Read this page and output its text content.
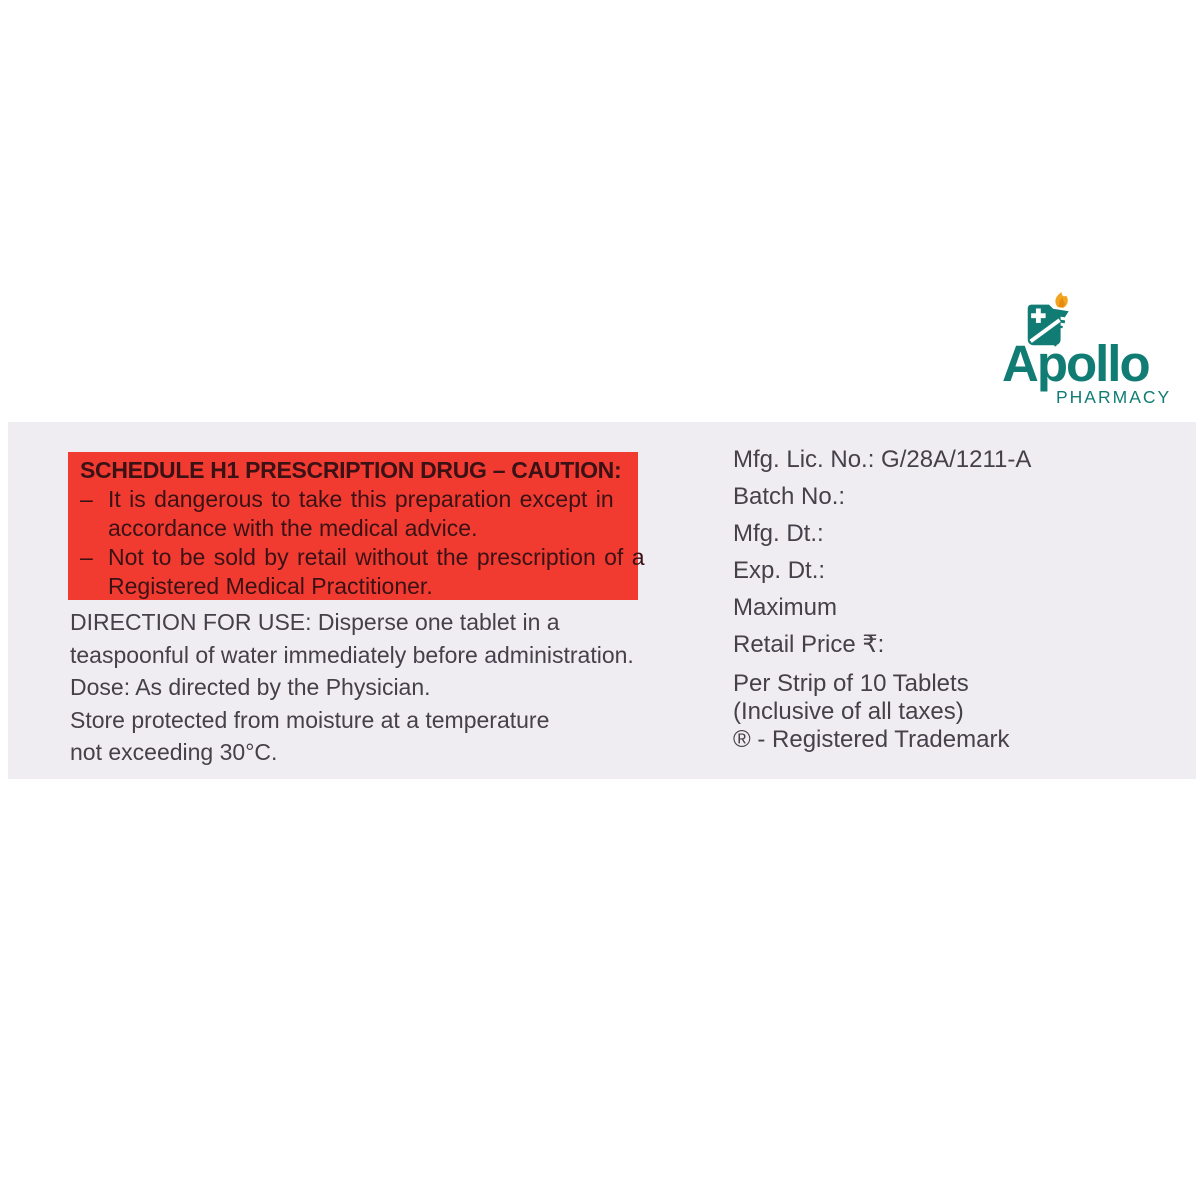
Apollo
PHARMACY
SCHEDULE H1 PRESCRIPTION DRUG – CAUTION:
– It is dangerous to take this preparation except in
accordance with the medical advice.
– Not to be sold by retail without the prescription of a
Registered Medical Practitioner.
DIRECTION FOR USE: Disperse one tablet in a
teaspoonful of water immediately before administration.
Dose: As directed by the Physician.
Store protected from moisture at a temperature
not exceeding 30°C.
Mfg. Lic. No.: G/28A/1211-A
Batch No.:
Mfg. Dt.:
Exp. Dt.:
Maximum
Retail Price ₹:
Per Strip of 10 Tablets
(Inclusive of all taxes)
® - Registered Trademark
